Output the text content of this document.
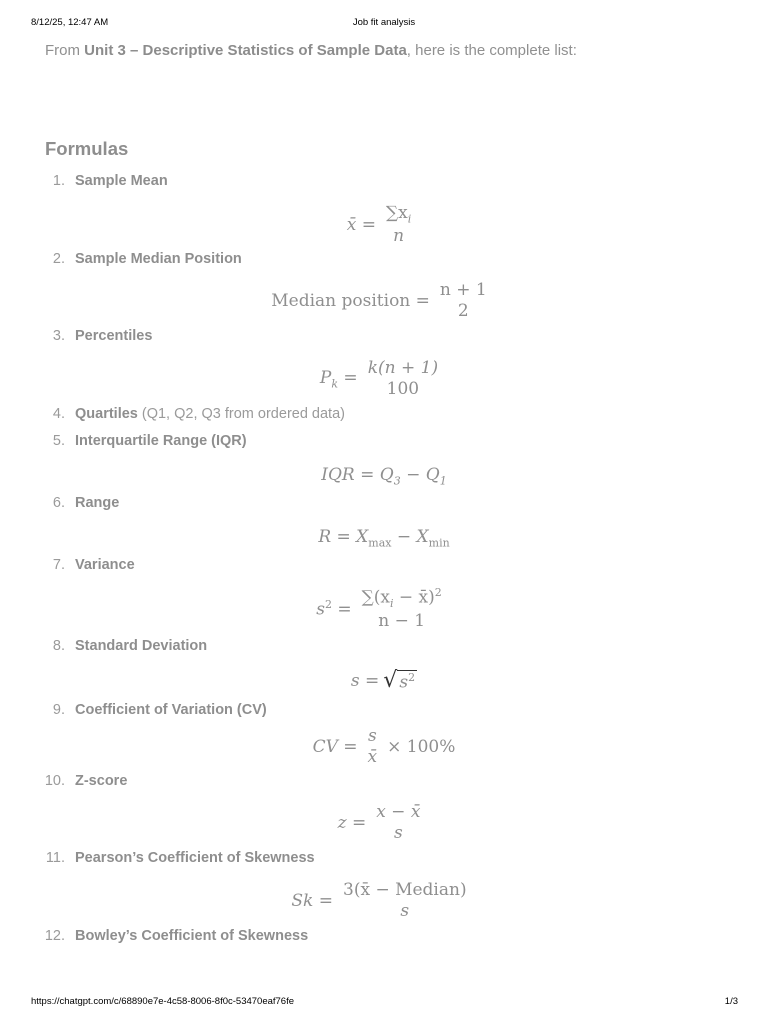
8/12/25, 12:47 AM	Job fit analysis
From Unit 3 – Descriptive Statistics of Sample Data, here is the complete list:
Formulas
1. Sample Mean
x̄ =
$\sum x_i$
n
2. Sample Median Position
Median position =
n + 1
2
3. Percentiles
$P_k$ =
k(n + 1)
100
4. Quartiles (Q1, Q2, Q3 from ordered data)
5. Interquartile Range (IQR)
IQR = $Q_3 - Q_1$
6. Range
$R = X_{max} - X_{min}$
7. Variance
$s^2$ =
$\sum(x_i$ − x̄)$^2$
n − 1
8. Standard Deviation
s = √ $s^2$
9. Coefficient of Variation (CV)
CV =
s
x̄ × 100%
10. Z-score
z =
x − x̄
s
11. Pearson’s Coefficient of Skewness
Sk =
3(x̄ − Median)
s
12. Bowley’s Coefficient of Skewness
https://chatgpt.com/c/68890e7e-4c58-8006-8f0c-53470eaf76fe	1/3
